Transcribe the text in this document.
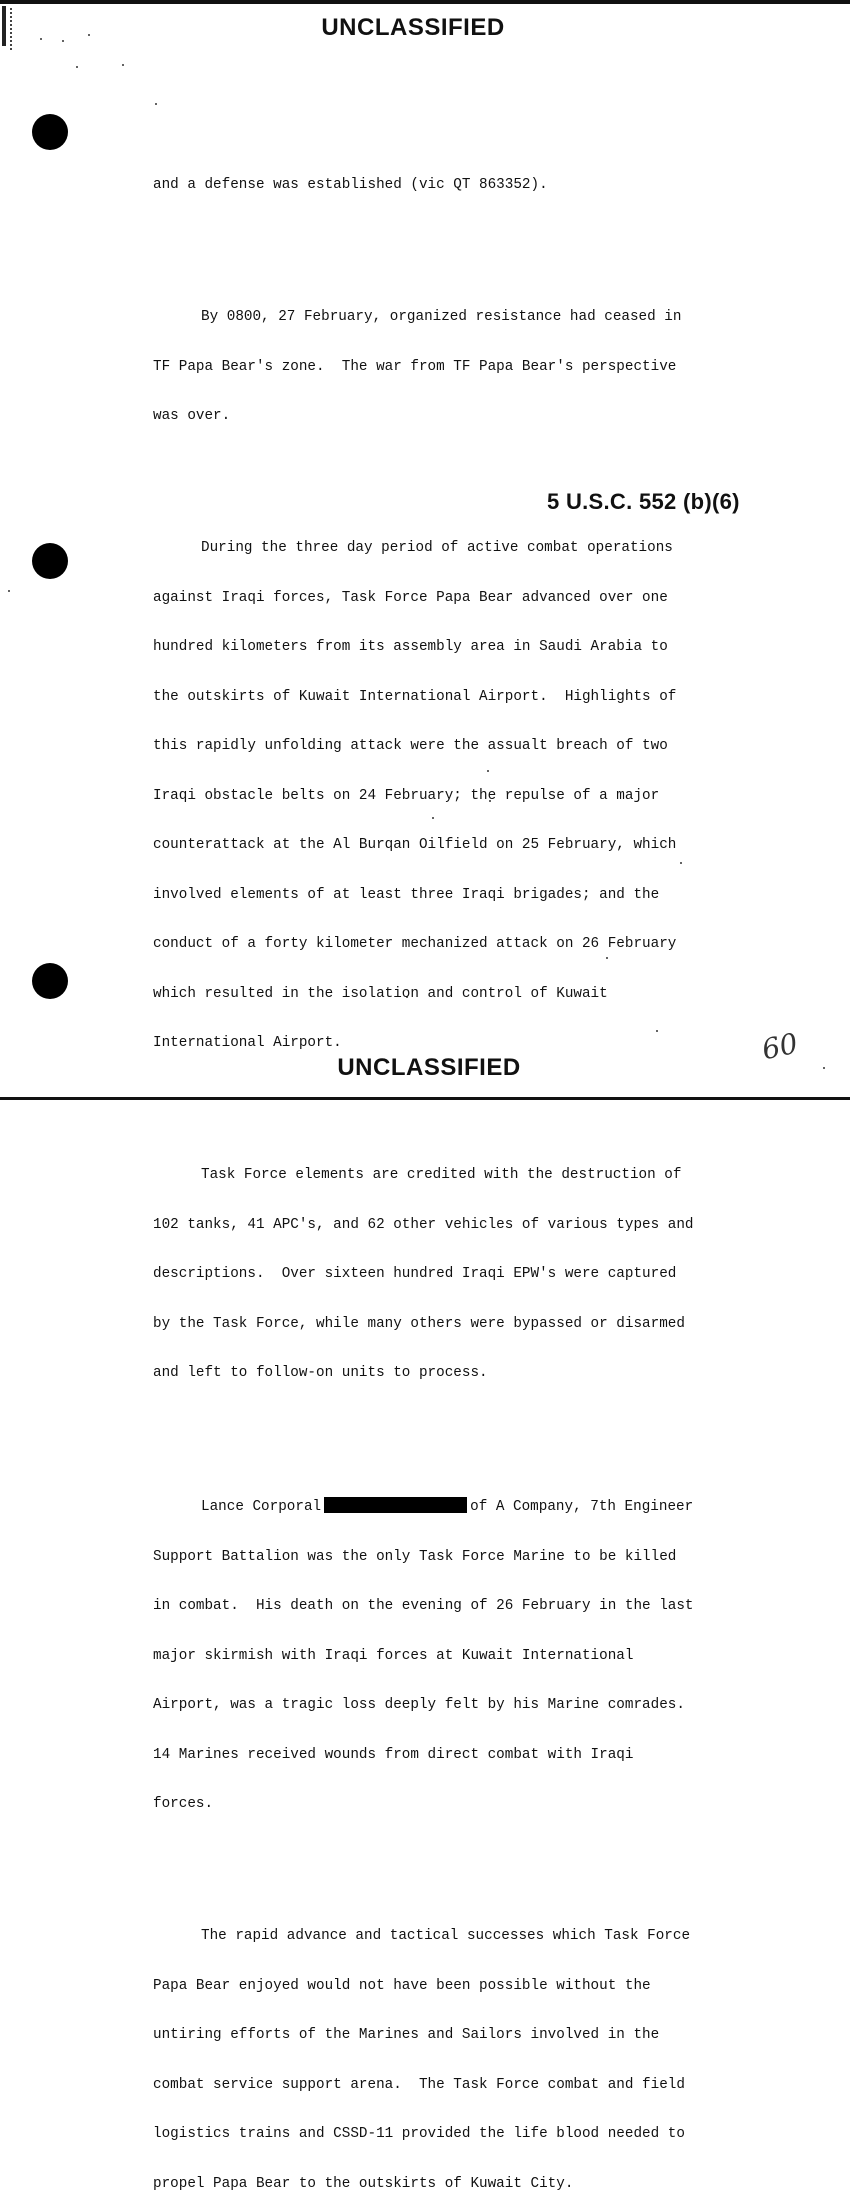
UNCLASSIFIED

and a defense was established (vic QT 863352).

By 0800, 27 February, organized resistance had ceased in

TF Papa Bear's zone.  The war from TF Papa Bear's perspective

was over.

During the three day period of active combat operations

against Iraqi forces, Task Force Papa Bear advanced over one

hundred kilometers from its assembly area in Saudi Arabia to

the outskirts of Kuwait International Airport.  Highlights of

this rapidly unfolding attack were the assualt breach of two

Iraqi obstacle belts on 24 February; the repulse of a major

counterattack at the Al Burqan Oilfield on 25 February, which

involved elements of at least three Iraqi brigades; and the

conduct of a forty kilometer mechanized attack on 26 February

which resulted in the isolation and control of Kuwait

International Airport.

Task Force elements are credited with the destruction of

102 tanks, 41 APC's, and 62 other vehicles of various types and

descriptions.  Over sixteen hundred Iraqi EPW's were captured

by the Task Force, while many others were bypassed or disarmed

and left to follow-on units to process.

Lance Corporal	of A Company, 7th Engineer

Support Battalion was the only Task Force Marine to be killed

in combat.  His death on the evening of 26 February in the last

major skirmish with Iraqi forces at Kuwait International

Airport, was a tragic loss deeply felt by his Marine comrades.

14 Marines received wounds from direct combat with Iraqi

forces.

The rapid advance and tactical successes which Task Force

Papa Bear enjoyed would not have been possible without the

untiring efforts of the Marines and Sailors involved in the

combat service support arena.  The Task Force combat and field

logistics trains and CSSD-11 provided the life blood needed to

propel Papa Bear to the outskirts of Kuwait City.

5 U.S.C. 552 (b)(6)
60
UNCLASSIFIED
